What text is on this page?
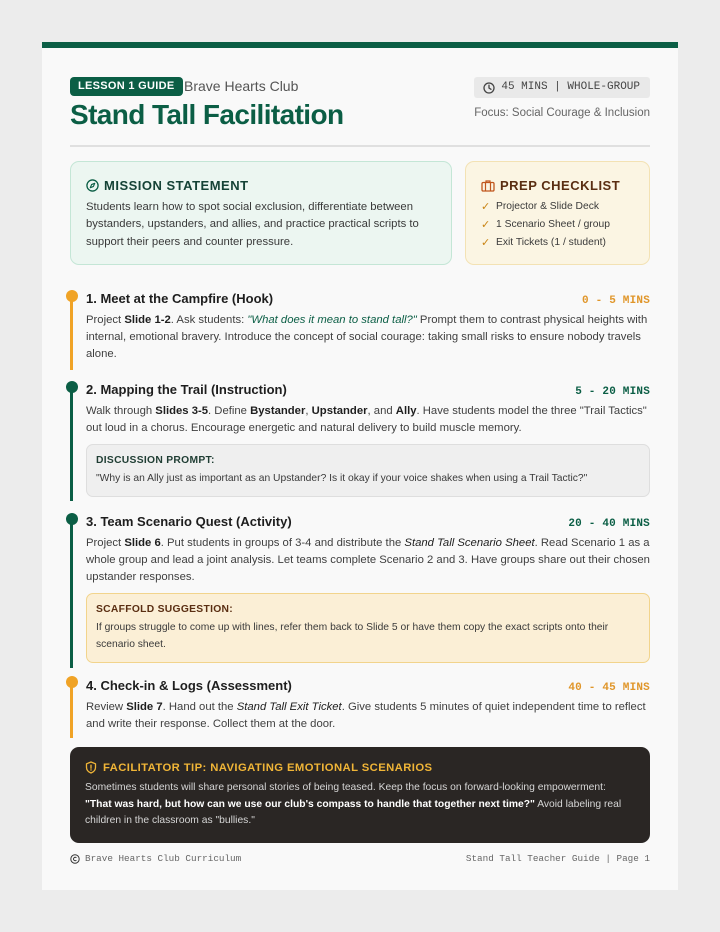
LESSON 1 GUIDE Brave Hearts Club
Stand Tall Facilitation
45 MINS | WHOLE-GROUP
Focus: Social Courage & Inclusion
MISSION STATEMENT

Students learn how to spot social exclusion, differentiate between bystanders, upstanders, and allies, and practice practical scripts to support their peers and counter pressure.

PREP CHECKLIST
✓ Projector & Slide Deck
✓ 1 Scenario Sheet / group
✓ Exit Tickets (1 / student)
1. Meet at the Campfire (Hook)	0 - 5 MINS

Project Slide 1-2. Ask students: "What does it mean to stand tall?" Prompt them to contrast physical heights with internal, emotional bravery. Introduce the concept of social courage: taking small risks to ensure nobody travels alone.

2. Mapping the Trail (Instruction)	5 - 20 MINS

Walk through Slides 3-5. Define Bystander, Upstander, and Ally. Have students model the three "Trail Tactics" out loud in a chorus. Encourage energetic and natural delivery to build muscle memory.

DISCUSSION PROMPT:

"Why is an Ally just as important as an Upstander? Is it okay if your voice shakes when using a Trail Tactic?"

3. Team Scenario Quest (Activity)	20 - 40 MINS

Project Slide 6. Put students in groups of 3-4 and distribute the Stand Tall Scenario Sheet. Read Scenario 1 as a whole group and lead a joint analysis. Let teams complete Scenario 2 and 3. Have groups share out their chosen upstander responses.

SCAFFOLD SUGGESTION:

If groups struggle to come up with lines, refer them back to Slide 5 or have them copy the exact scripts onto their scenario sheet.

4. Check-in & Logs (Assessment)	40 - 45 MINS

Review Slide 7. Hand out the Stand Tall Exit Ticket. Give students 5 minutes of quiet independent time to reflect and write their response. Collect them at the door.

FACILITATOR TIP: NAVIGATING EMOTIONAL SCENARIOS

Sometimes students will share personal stories of being teased. Keep the focus on forward-looking empowerment: "That was hard, but how can we use our club's compass to handle that together next time?" Avoid labeling real children in the classroom as "bullies."

Brave Hearts Club Curriculum	Stand Tall Teacher Guide | Page 1
